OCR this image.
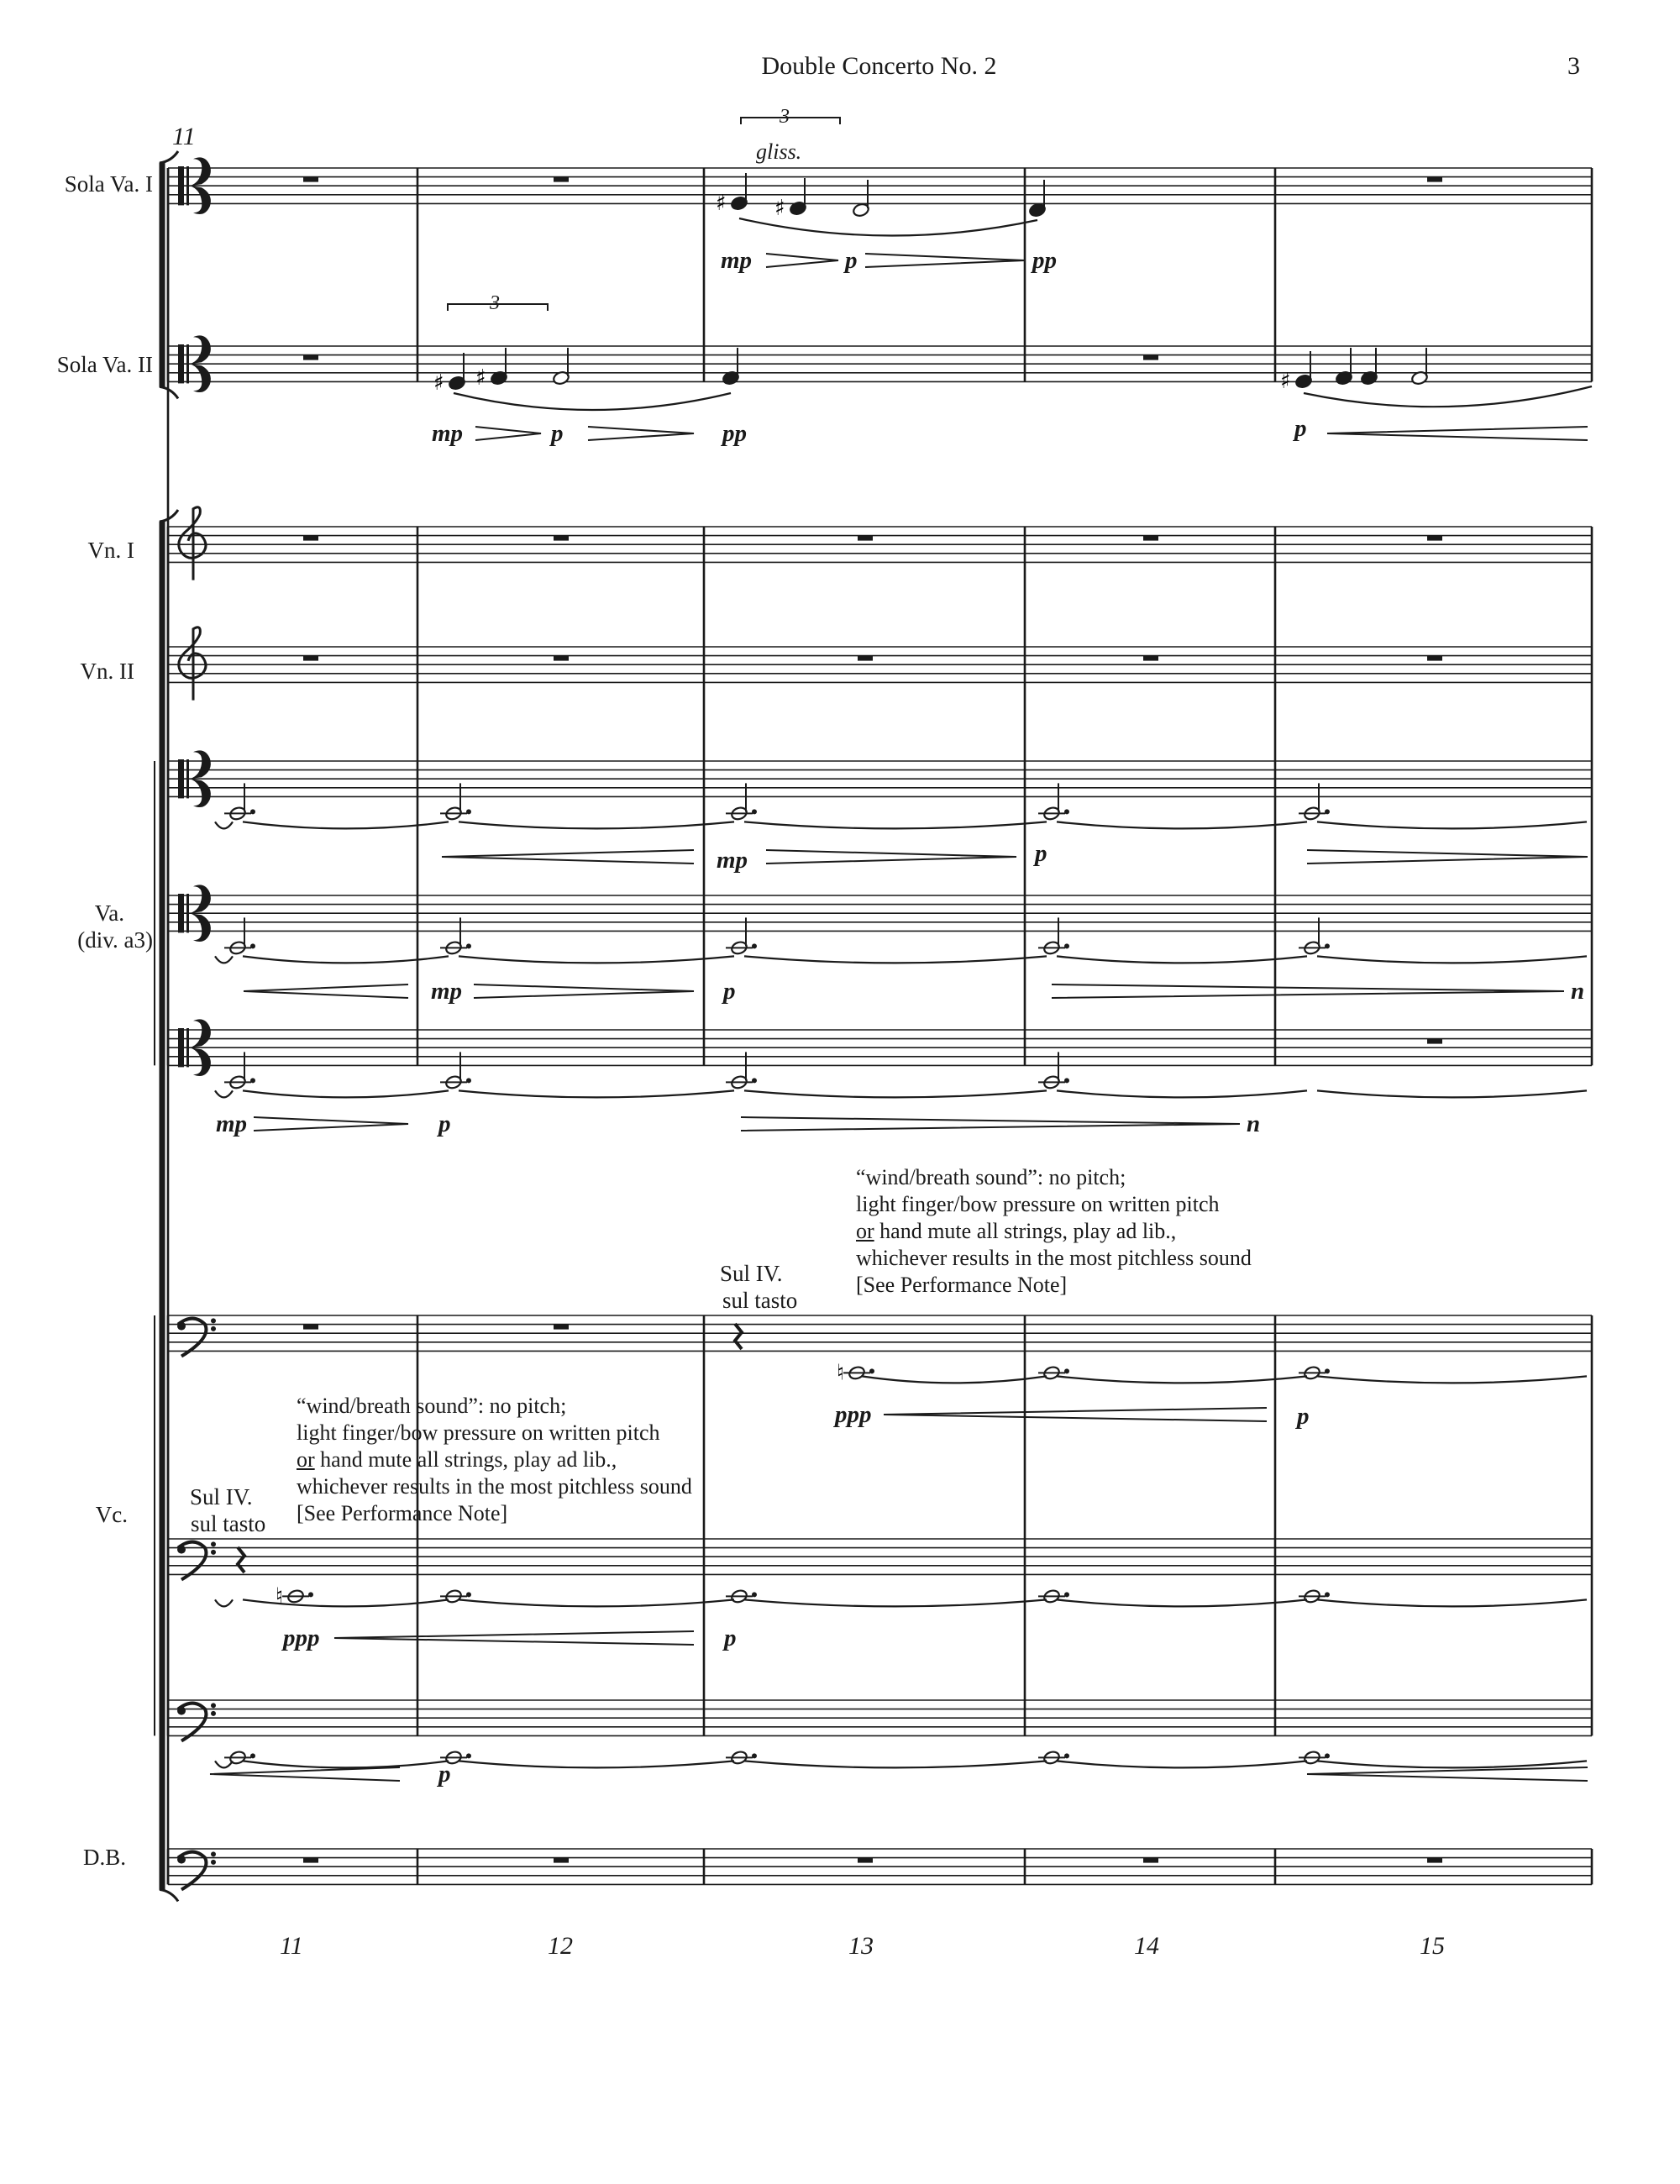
♯ ♯
♯ ♯	♯
♮
♮
Double Concerto No. 2	3
11
Sola Va. I
Sola Va. II
Vn. I
Vn. II
Va.
(div. a3)
Vc.
D.B.
3
gliss.
mp	p	pp
3
mp	p	pp	p
mp	p
mp	p	n
mp	p	n
“wind/breath sound”: no pitch;
light finger/bow pressure on written pitch
or hand mute all strings, play ad lib.,
whichever results in the most pitchless sound
[See Performance Note]
Sul IV.
sul tasto
ppp	p
“wind/breath sound”: no pitch;
light finger/bow pressure on written pitch
or hand mute all strings, play ad lib.,
whichever results in the most pitchless sound
[See Performance Note]
Sul IV.
sul tasto
ppp	p
p
11	12	13	14	15
